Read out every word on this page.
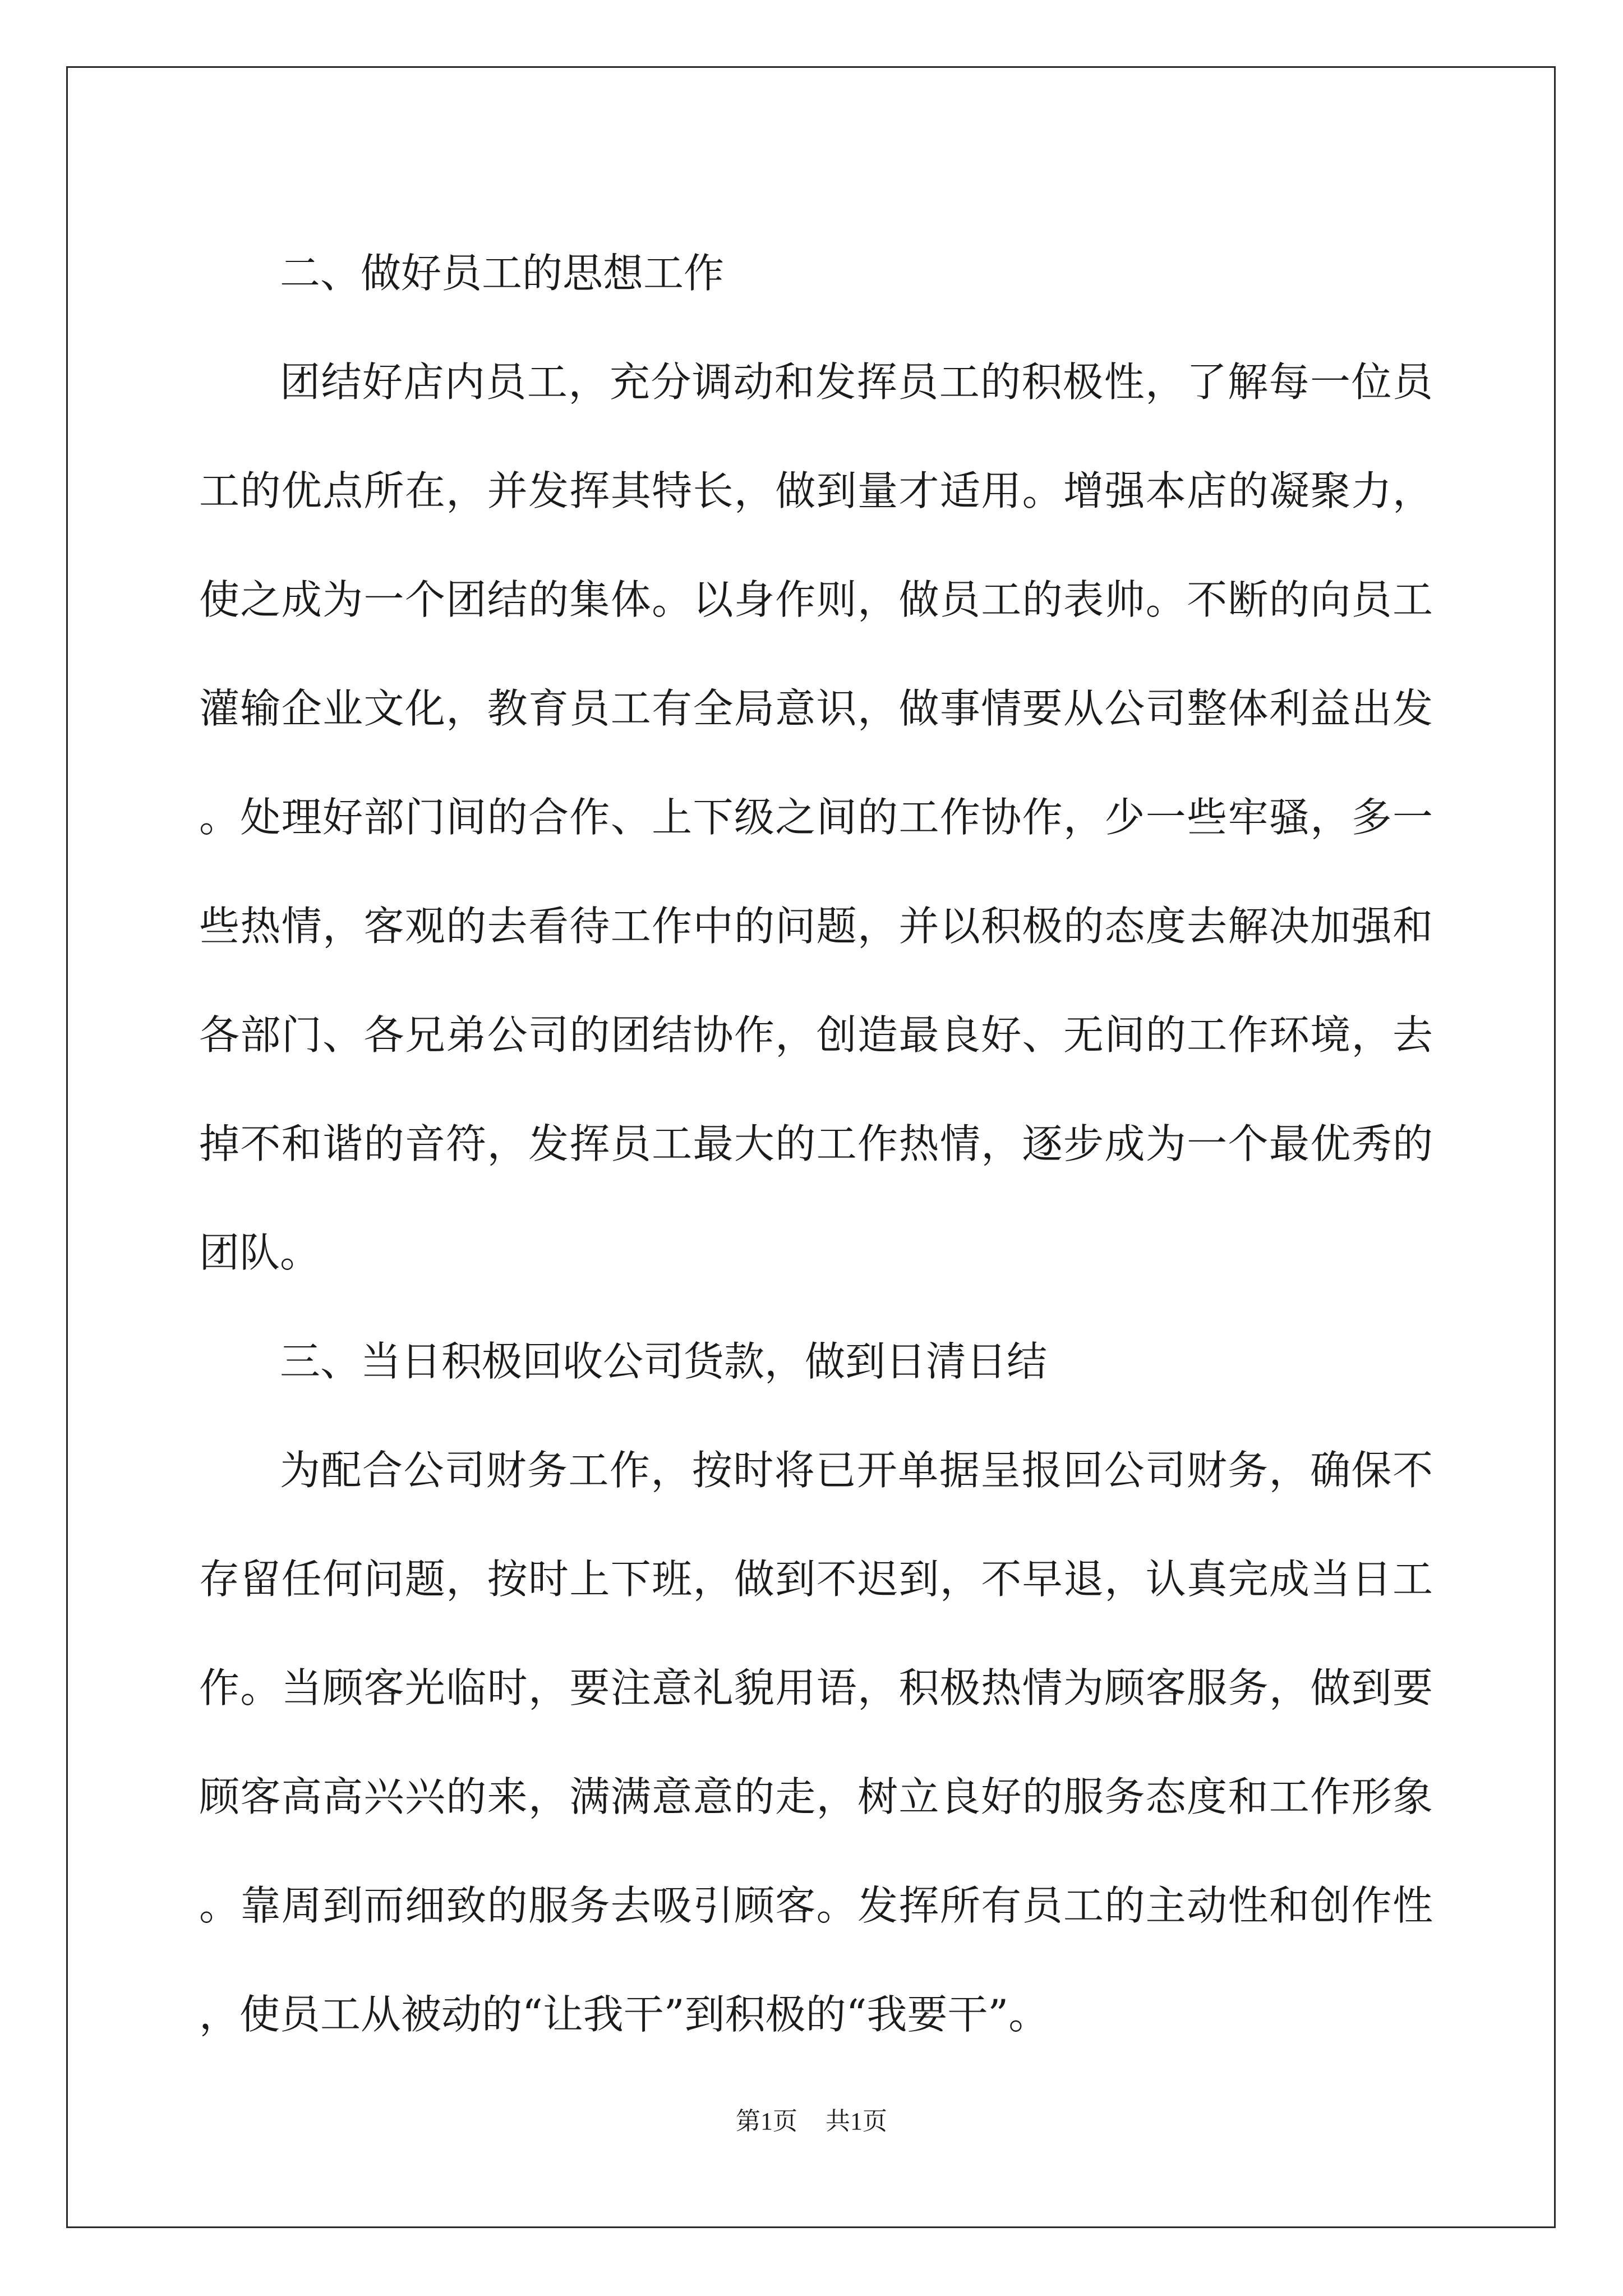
二、做好员工的思想工作

团结好店内员工，充分调动和发挥员工的积极性，了解每一位员工的优点所在，并发挥其特长，做到量才适用。增强本店的凝聚力，使之成为一个团结的集体。以身作则，做员工的表帅。不断的向员工灌输企业文化，教育员工有全局意识，做事情要从公司整体利益出发。处理好部门间的合作、上下级之间的工作协作，少一些牢骚，多一些热情，客观的去看待工作中的问题，并以积极的态度去解决加强和各部门、各兄弟公司的团结协作，创造最良好、无间的工作环境，去掉不和谐的音符，发挥员工最大的工作热情，逐步成为一个最优秀的团队。

三、当日积极回收公司货款，做到日清日结

为配合公司财务工作，按时将已开单据呈报回公司财务，确保不存留任何问题，按时上下班，做到不迟到，不早退，认真完成当日工作。当顾客光临时，要注意礼貌用语，积极热情为顾客服务，做到要顾客高高兴兴的来，满满意意的走，树立良好的服务态度和工作形象。靠周到而细致的服务去吸引顾客。发挥所有员工的主动性和创作性，使员工从被动的“让我干”到积极的“我要干”。

第1页 共1页
